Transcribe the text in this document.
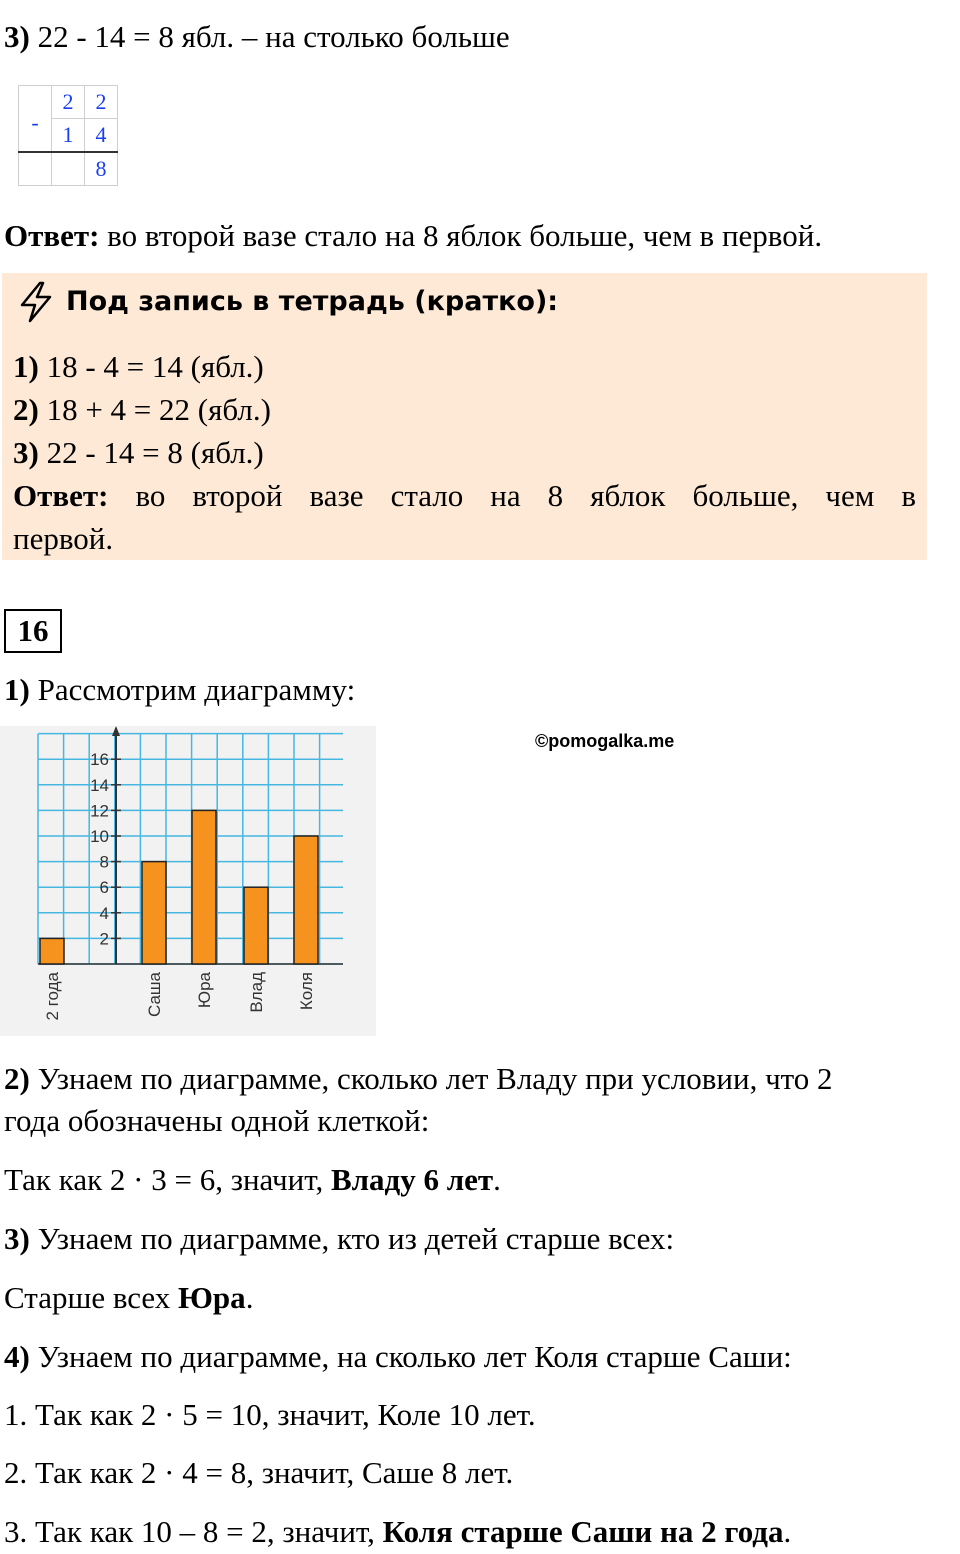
3) 22 - 14 = 8 ябл. – на столько больше
	2	2
-	1	4
		8
Ответ: во второй вазе стало на 8 яблок больше, чем в первой.
Под запись в тетрадь (кратко):
1) 18 - 4 = 14 (ябл.)
2) 18 + 4 = 22 (ябл.)
3) 22 - 14 = 8 (ябл.)
Ответ: во второй вазе стало на 8 яблок больше, чем в
первой.
16
1) Рассмотрим диаграмму:
2
4
6
8
10
12
14
16
2 года	Саша Юра Влад Коля
©pomogalka.me
2) Узнаем по диаграмме, сколько лет Владу при условии, что 2
года обозначены одной клеткой:
Так как 2 · 3 = 6, значит, Владу 6 лет.
3) Узнаем по диаграмме, кто из детей старше всех:
Старше всех Юра.
4) Узнаем по диаграмме, на сколько лет Коля старше Саши:
1. Так как 2 · 5 = 10, значит, Коле 10 лет.
2. Так как 2 · 4 = 8, значит, Саше 8 лет.
3. Так как 10 – 8 = 2, значит, Коля старше Саши на 2 года.
